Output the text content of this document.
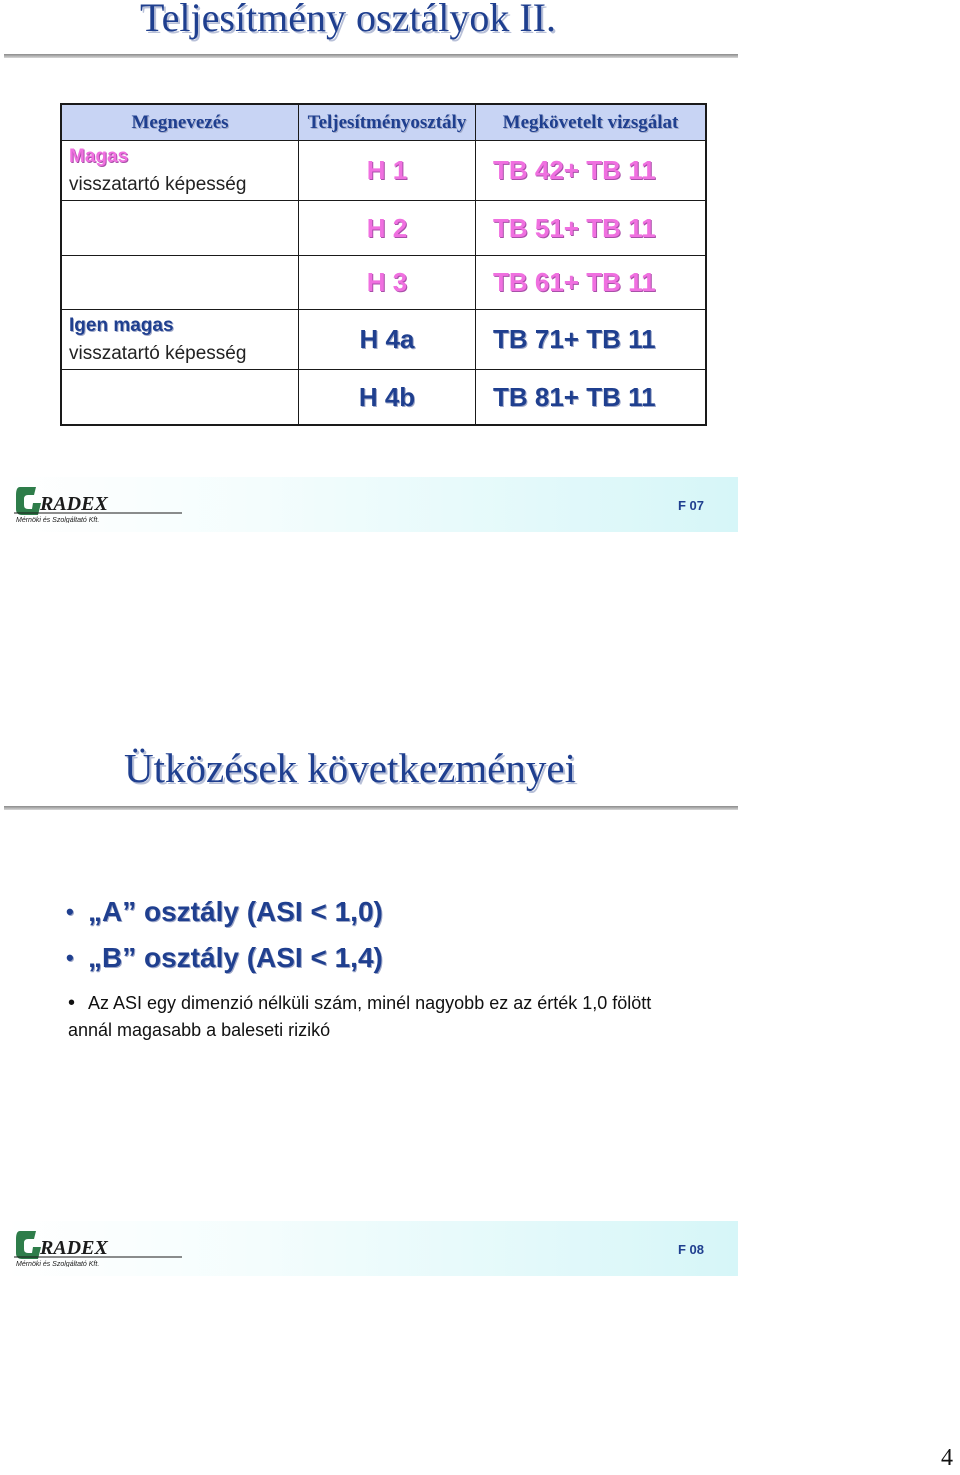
Teljesítmény osztályok II.
Megnevezés	Teljesítményosztály	Megkövetelt vizsgálat
Magas
visszatartó képesség	H 1	TB 42+ TB 11
	H 2	TB 51+ TB 11
	H 3	TB 61+ TB 11
Igen magas
visszatartó képesség	H 4a	TB 71+ TB 11
	H 4b	TB 81+ TB 11
RADEX
Mérnöki és Szolgáltató Kft.
F 07
Ütközések következményei
• „A” osztály (ASI < 1,0)
• „B” osztály (ASI < 1,4)
• Az ASI egy dimenzió nélküli szám, minél nagyobb ez az érték 1,0 fölött annál magasabb a baleseti rizikó
RADEX
Mérnöki és Szolgáltató Kft.
F 08
4
